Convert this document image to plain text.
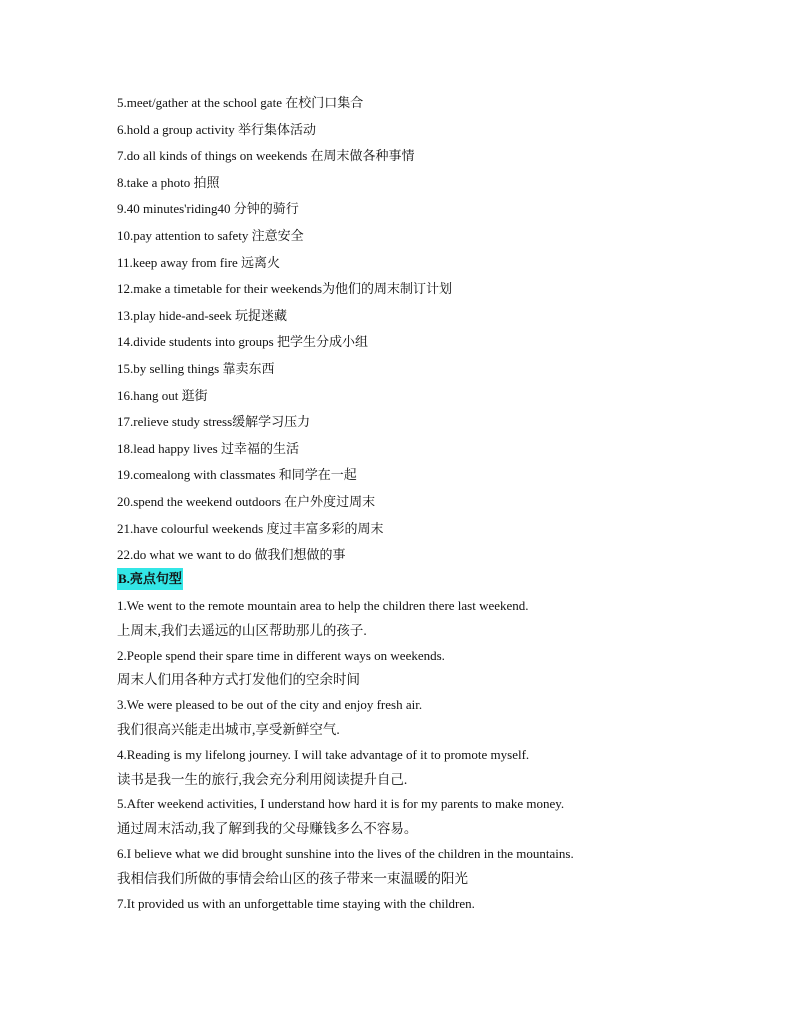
5.meet/gather at the school gate 在校门口集合
6.hold a group activity 举行集体活动
7.do all kinds of things on weekends 在周末做各种事情
8.take a photo 拍照
9.40 minutes'riding40 分钟的骑行
10.pay attention to safety 注意安全
11.keep away from fire 远离火
12.make a timetable for their weekends为他们的周末制订计划
13.play hide-and-seek 玩捉迷藏
14.divide students into groups 把学生分成小组
15.by selling things 靠卖东西
16.hang out 逛街
17.relieve study stress缓解学习压力
18.lead happy lives 过幸福的生活
19.comealong with classmates 和同学在一起
20.spend the weekend outdoors 在户外度过周末
21.have colourful weekends 度过丰富多彩的周末
22.do what we want to do 做我们想做的事
B.亮点句型
1.We went to the remote mountain area to help the children there last weekend.
上周末,我们去遥远的山区帮助那儿的孩子.
2.People spend their spare time in different ways on weekends.
周末人们用各种方式打发他们的空余时间
3.We were pleased to be out of the city and enjoy fresh air.
我们很高兴能走出城市,享受新鲜空气.
4.Reading is my lifelong journey. I will take advantage of it to promote myself.
读书是我一生的旅行,我会充分利用阅读提升自己.
5.After weekend activities, I understand how hard it is for my parents to make money.
通过周末活动,我了解到我的父母赚钱多么不容易。
6.I believe what we did brought sunshine into the lives of the children in the mountains.
我相信我们所做的事情会给山区的孩子带来一束温暖的阳光
7.It provided us with an unforgettable time staying with the children.
